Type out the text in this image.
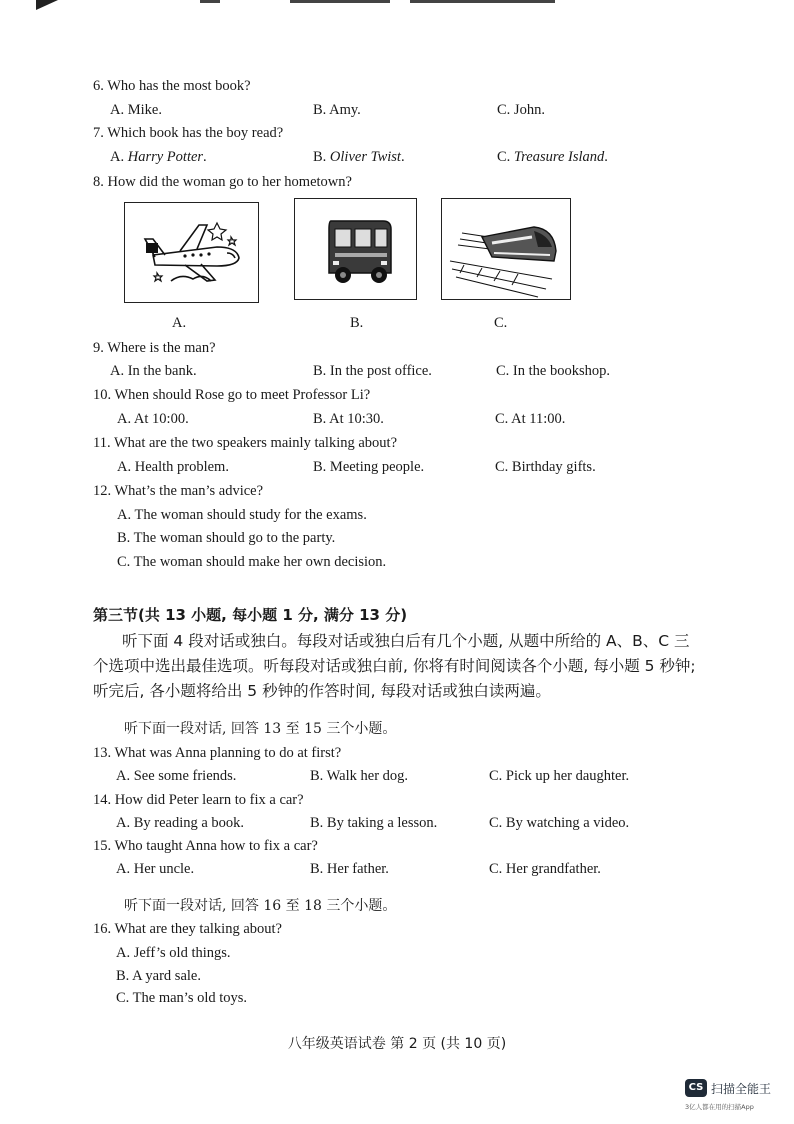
6. Who has the most book?
A. Mike.	B. Amy.	C. John.
7. Which book has the boy read?
A. Harry Potter.	B. Oliver Twist.	C. Treasure Island.
8. How did the woman go to her hometown?
A.	B.	C.
9. Where is the man?
A. In the bank.	B. In the post office.	C. In the bookshop.
10. When should Rose go to meet Professor Li?
A. At 10:00.	B. At 10:30.	C. At 11:00.
11. What are the two speakers mainly talking about?
A. Health problem.	B. Meeting people.	C. Birthday gifts.
12. What’s the man’s advice?
A. The woman should study for the exams.
B. The woman should go to the party.
C. The woman should make her own decision.
第三节(共 13 小题, 每小题 1 分, 满分 13 分)
听下面 4 段对话或独白。每段对话或独白后有几个小题, 从题中所给的 A、B、C 三
个选项中选出最佳选项。听每段对话或独白前, 你将有时间阅读各个小题, 每小题 5 秒钟;
听完后, 各小题将给出 5 秒钟的作答时间, 每段对话或独白读两遍。
听下面一段对话, 回答 13 至 15 三个小题。
13. What was Anna planning to do at first?
A. See some friends.	B. Walk her dog.	C. Pick up her daughter.
14. How did Peter learn to fix a car?
A. By reading a book.	B. By taking a lesson.	C. By watching a video.
15. Who taught Anna how to fix a car?
A. Her uncle.	B. Her father.	C. Her grandfather.
听下面一段对话, 回答 16 至 18 三个小题。
16. What are they talking about?
A. Jeff’s old things.
B. A yard sale.
C. The man’s old toys.
八年级英语试卷 第 2 页 (共 10 页)
CS 扫描全能王
3亿人都在用的扫描App
